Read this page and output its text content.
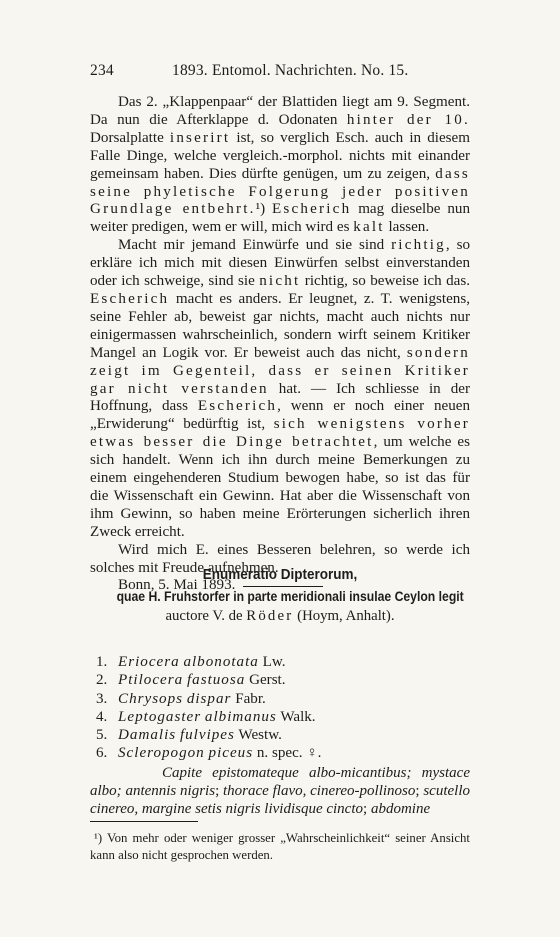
234	1893. Entomol. Nachrichten. No. 15.

Das 2. „Klappenpaar“ der Blattiden liegt am 9. Segment. Da nun die Afterklappe d. Odonaten hinter der 10. Dorsalplatte inserirt ist, so verglich Esch. auch in diesem Falle Dinge, welche vergleich.-morphol. nichts mit einander gemeinsam haben. Dies dürfte genügen, um zu zeigen, dass seine phyletische Folgerung jeder positiven Grundlage entbehrt.¹) Escherich mag dieselbe nun weiter predigen, wem er will, mich wird es kalt lassen.

Macht mir jemand Einwürfe und sie sind richtig, so erkläre ich mich mit diesen Einwürfen selbst einverstanden oder ich schweige, sind sie nicht richtig, so beweise ich das. Escherich macht es anders. Er leugnet, z. T. wenigstens, seine Fehler ab, beweist gar nichts, macht auch nichts nur einigermassen wahrscheinlich, sondern wirft seinem Kritiker Mangel an Logik vor. Er beweist auch das nicht, sondern zeigt im Gegenteil, dass er seinen Kritiker gar nicht verstanden hat. — Ich schliesse in der Hoffnung, dass Escherich, wenn er noch einer neuen „Erwiderung“ bedürftig ist, sich wenigstens vorher etwas besser die Dinge betrachtet, um welche es sich handelt. Wenn ich ihn durch meine Bemerkungen zu einem eingehenderen Studium bewogen habe, so ist das für die Wissenschaft ein Gewinn. Hat aber die Wissenschaft von ihm Gewinn, so haben meine Erörterungen sicherlich ihren Zweck erreicht.

Wird mich E. eines Besseren belehren, so werde ich solches mit Freude aufnehmen.

Bonn, 5. Mai 1893.

Enumeratio Dipterorum,
quae H. Fruhstorfer in parte meridionali insulae Ceylon legit
auctore V. de Röder (Hoym, Anhalt).
1. Eriocera albonotata Lw.
2. Ptilocera fastuosa Gerst.
3. Chrysops dispar Fabr.
4. Leptogaster albimanus Walk.
5. Damalis fulvipes Westw.
6. Scleropogon piceus n. spec. ♀.

Capite epistomateque albo-micantibus; mystace albo; antennis nigris; thorace flavo, cinereo-pollinoso; scutello cinereo, margine setis nigris lividisque cincto; abdomine

¹) Von mehr oder weniger grosser „Wahrscheinlichkeit“ seiner Ansicht kann also nicht gesprochen werden.
